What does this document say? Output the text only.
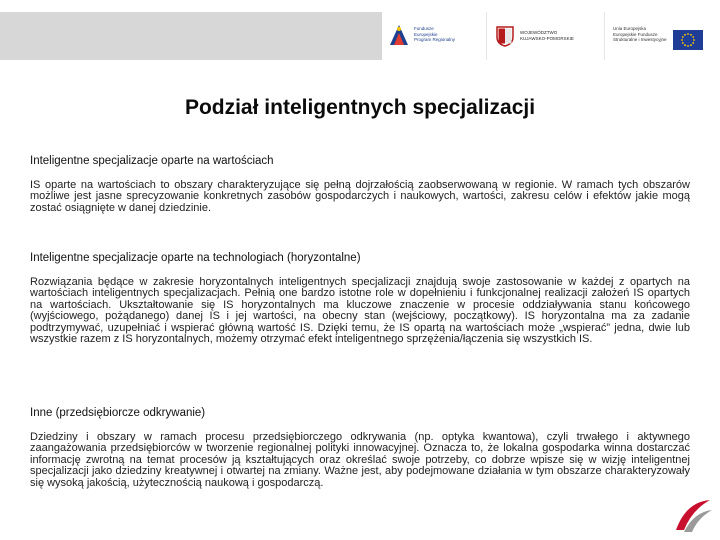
Fundusze
Europejskie
Program Regionalny
WOJEWÓDZTWO
KUJAWSKO-POMORSKIE
Unia Europejska
Europejskie Fundusze
Strukturalne i Inwestycyjne
Podział inteligentnych specjalizacji
Inteligentne specjalizacje oparte na wartościach

IS oparte na wartościach to obszary charakteryzujące się pełną dojrzałością zaobserwowaną w regionie. W ramach tych obszarów możliwe jest jasne sprecyzowanie konkretnych zasobów gospodarczych i naukowych, wartości, zakresu celów i efektów jakie mogą zostać osiągnięte w danej dziedzinie.

Inteligentne specjalizacje oparte na technologiach (horyzontalne)

Rozwiązania będące w zakresie horyzontalnych inteligentnych specjalizacji znajdują swoje zastosowanie w każdej z opartych na wartościach inteligentnych specjalizacjach. Pełnią one bardzo istotne role w dopełnieniu i funkcjonalnej realizacji założeń IS opartych na wartościach. Ukształtowanie się IS horyzontalnych ma kluczowe znaczenie w procesie oddziaływania stanu końcowego (wyjściowego, pożądanego) danej IS i jej wartości, na obecny stan (wejściowy, początkowy). IS horyzontalna ma za zadanie podtrzymywać, uzupełniać i wspierać główną wartość IS. Dzięki temu, że IS opartą na wartościach może „wspierać” jedna, dwie lub wszystkie razem z IS horyzontalnych, możemy otrzymać efekt inteligentnego sprzężenia/łączenia się wszystkich IS.

Inne (przedsiębiorcze odkrywanie)

Dziedziny i obszary w ramach procesu przedsiębiorczego odkrywania (np. optyka kwantowa), czyli trwałego i aktywnego zaangażowania przedsiębiorców w tworzenie regionalnej polityki innowacyjnej. Oznacza to, że lokalna gospodarka winna dostarczać informację zwrotną na temat procesów ją kształtujących oraz określać swoje potrzeby, co dobrze wpisze się w wizję inteligentnej specjalizacji jako dziedziny kreatywnej i otwartej na zmiany. Ważne jest, aby podejmowane działania w tym obszarze charakteryzowały się wysoką jakością, użytecznością naukową i gospodarczą.
